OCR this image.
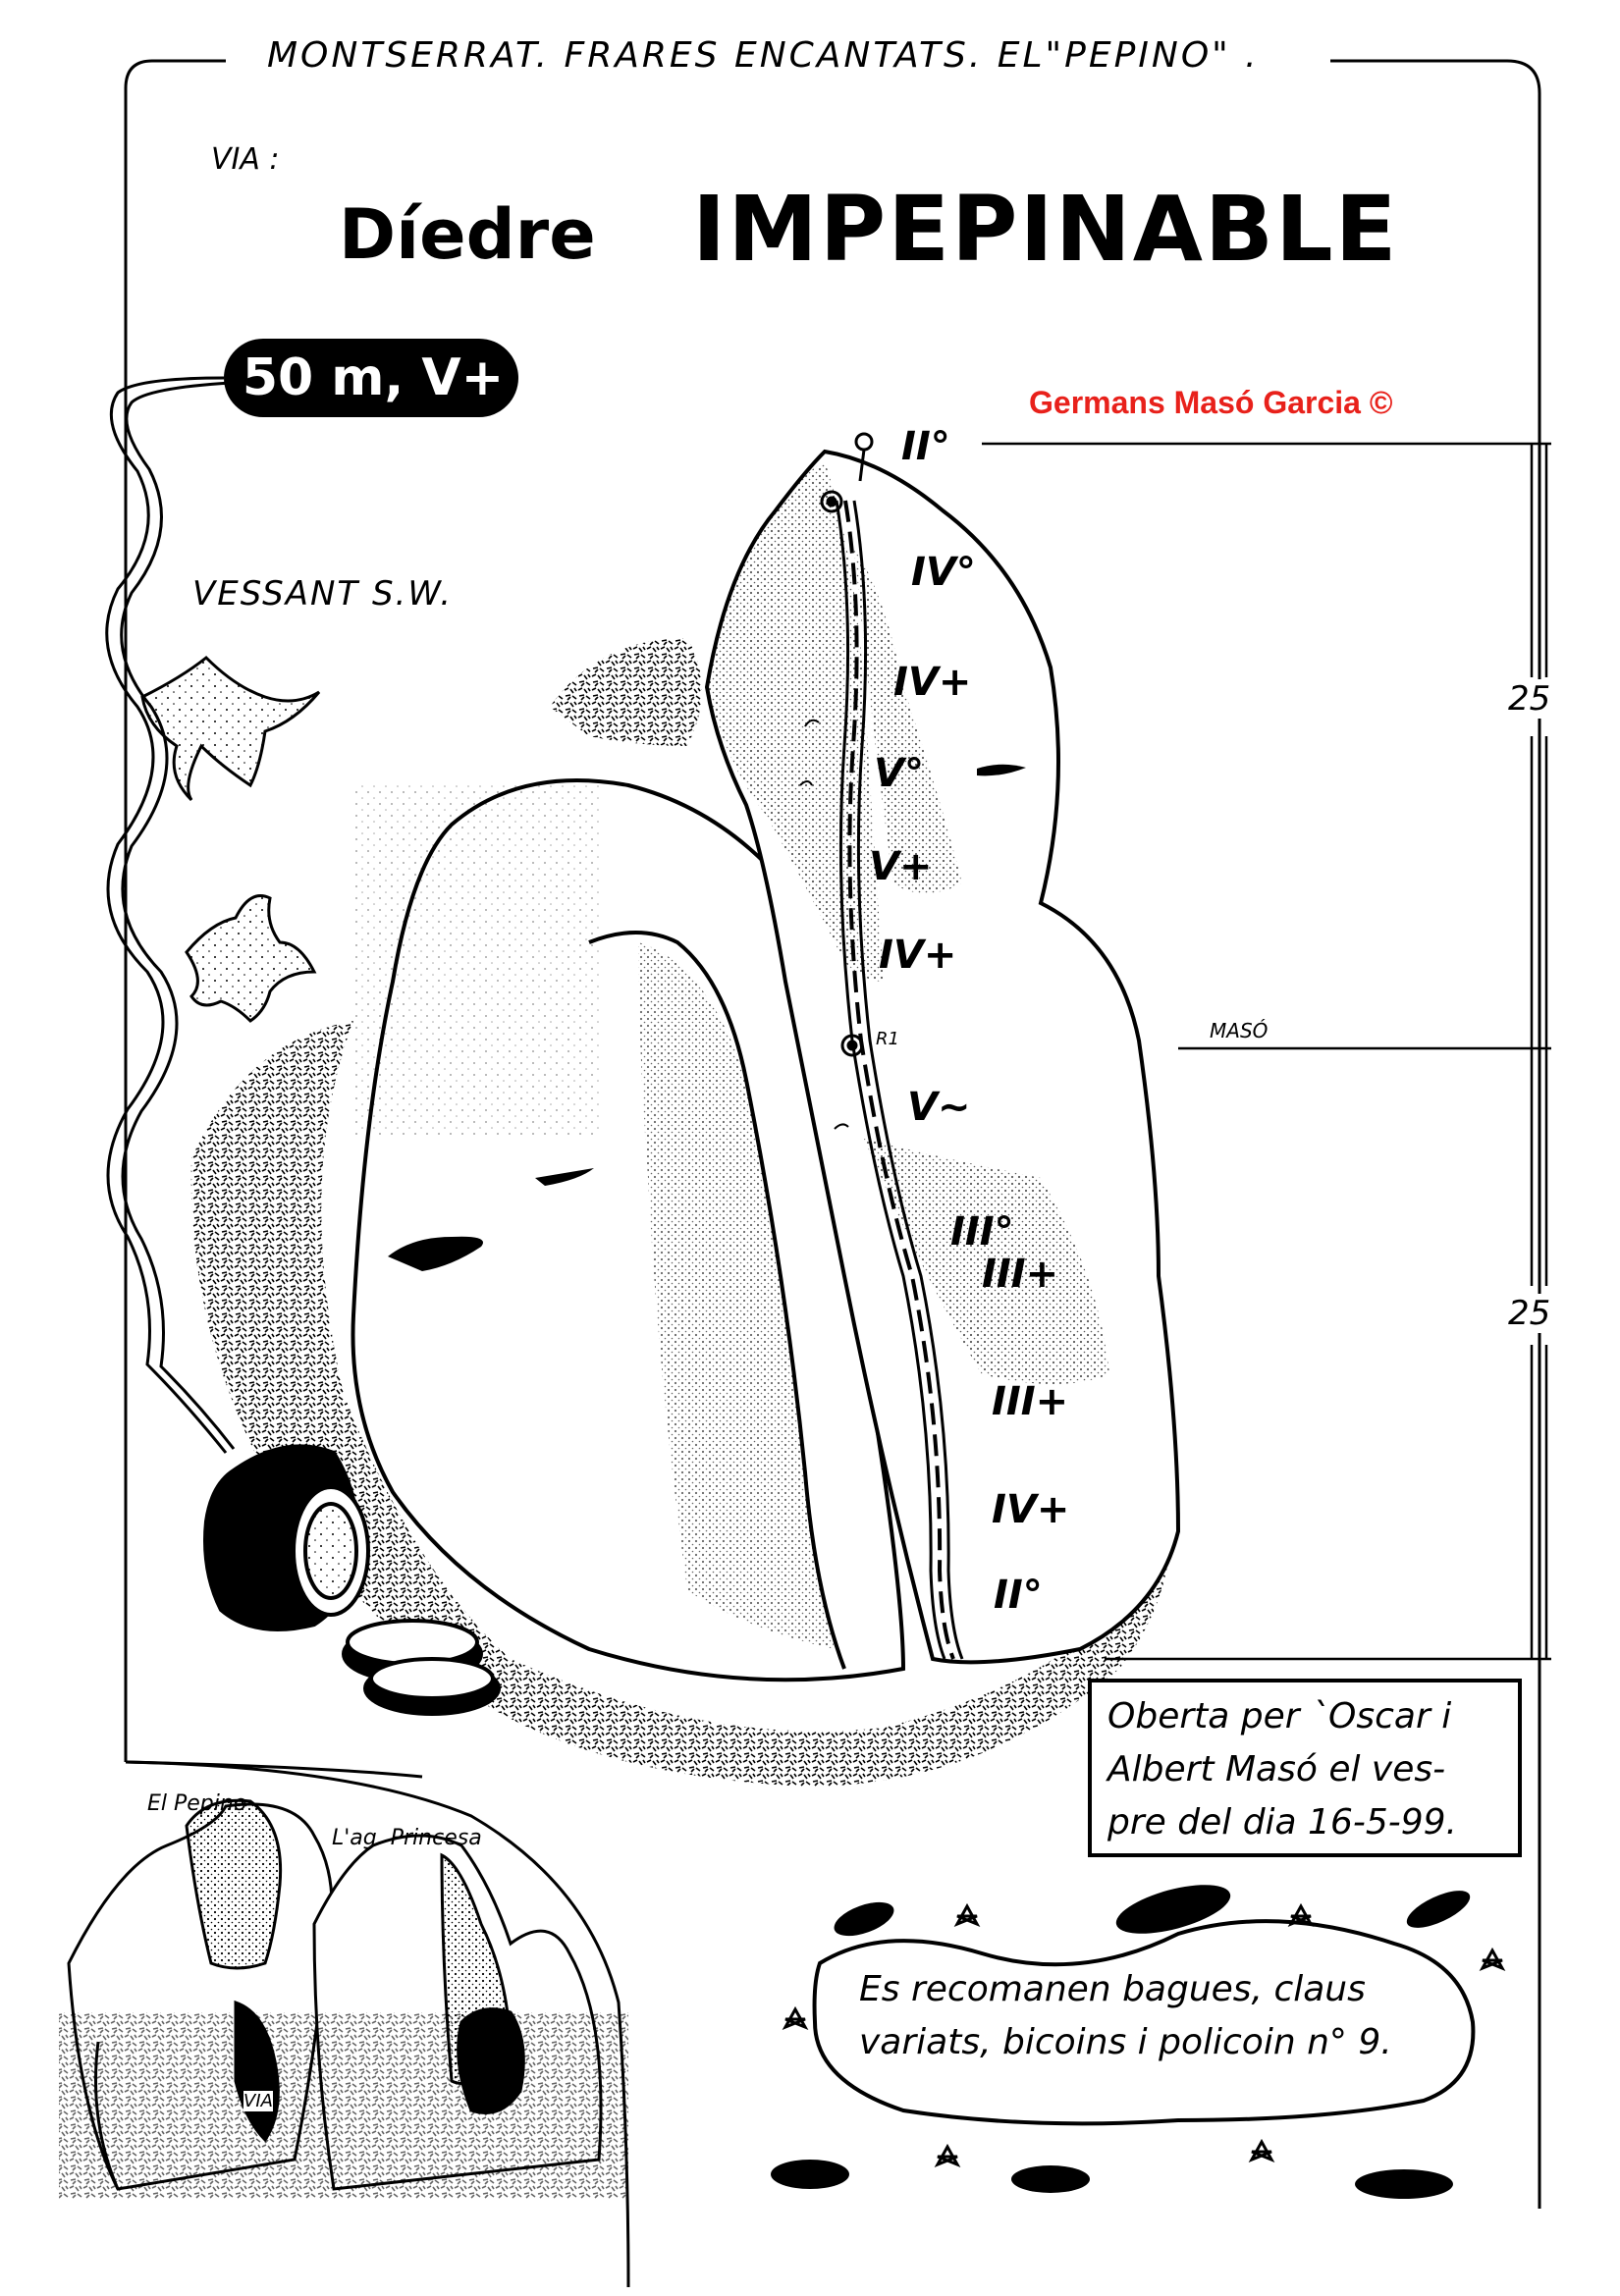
MONTSERRAT. FRARES ENCANTATS. EL"PEPINO" .
VIA :
Díedre IMPEPINABLE
50 m, V+	Germans Masó Garcia ©
VESSANT S.W.
II°
IV°
IV+
V°
V+
IV+
V~
III°
III+
III+
IV+
II°
R1
25
25
MASÓ
El Pepino
L'ag. Princesa
VIA
Oberta per `Oscar i
Albert Masó el ves-
pre del dia 16-5-99.
Es recomanen bagues, claus
variats, bicoins i policoin n° 9.
